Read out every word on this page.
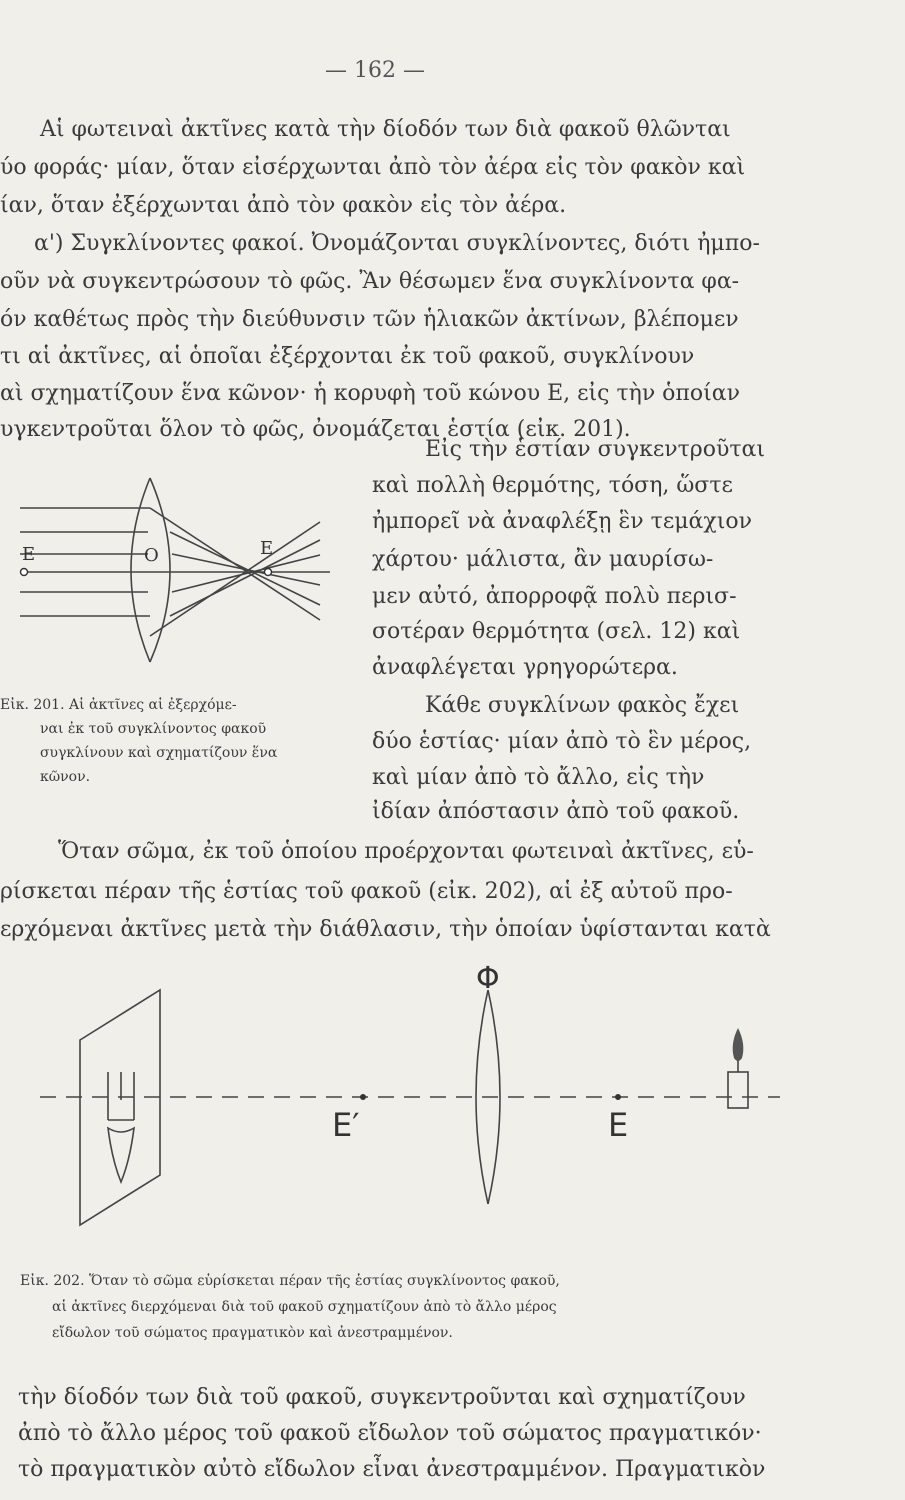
— 162 —
Αἱ φωτειναὶ ἀκτῖνες κατὰ τὴν δίοδόν των διὰ φακοῦ θλῶνται
ύο φοράς· μίαν, ὅταν εἰσέρχωνται ἀπὸ τὸν ἀέρα εἰς τὸν φακὸν καὶ
ίαν, ὅταν ἐξέρχωνται ἀπὸ τὸν φακὸν εἰς τὸν ἀέρα.
α') Συγκλίνοντες φακοί. Ὀνομάζονται συγκλίνοντες, διότι ἠμπο-
οῦν νὰ συγκεντρώσουν τὸ φῶς. Ἂν θέσωμεν ἕνα συγκλίνοντα φα-
όν καθέτως πρὸς τὴν διεύθυνσιν τῶν ἡλιακῶν ἀκτίνων, βλέπομεν
τι αἱ ἀκτῖνες, αἱ ὁποῖαι ἐξέρχονται ἐκ τοῦ φακοῦ, συγκλίνουν
αὶ σχηματίζουν ἕνα κῶνον· ἡ κορυφὴ τοῦ κώνου Ε, εἰς τὴν ὁποίαν
υγκεντροῦται ὅλον τὸ φῶς, ὀνομάζεται ἑστία (εἰκ. 201).
E	O	E
Εἰκ. 201. Αἱ ἀκτῖνες αἱ ἐξερχόμε-
ναι ἐκ τοῦ συγκλίνοντος φακοῦ
συγκλίνουν καὶ σχηματίζουν ἕνα
κῶνον.
Εἰς τὴν ἑστίαν συγκεντροῦται
καὶ πολλὴ θερμότης, τόση, ὥστε
ἠμπορεῖ νὰ ἀναφλέξῃ ἓν τεμάχιον
χάρτου· μάλιστα, ἂν μαυρίσω-
μεν αὐτό, ἀπορροφᾷ πολὺ περισ-
σοτέραν θερμότητα (σελ. 12) καὶ
ἀναφλέγεται γρηγορώτερα.
Κάθε συγκλίνων φακὸς ἔχει
δύο ἑστίας· μίαν ἀπὸ τὸ ἓν μέρος,
καὶ μίαν ἀπὸ τὸ ἄλλο, εἰς τὴν
ἰδίαν ἀπόστασιν ἀπὸ τοῦ φακοῦ.
Ὅταν σῶμα, ἐκ τοῦ ὁποίου προέρχονται φωτειναὶ ἀκτῖνες, εὑ-
ρίσκεται πέραν τῆς ἑστίας τοῦ φακοῦ (εἰκ. 202), αἱ ἐξ αὐτοῦ προ-
ερχόμεναι ἀκτῖνες μετὰ τὴν διάθλασιν, τὴν ὁποίαν ὑφίστανται κατὰ
Φ
E′	E
Εἰκ. 202. Ὅταν τὸ σῶμα εὑρίσκεται πέραν τῆς ἑστίας συγκλίνοντος φακοῦ,
αἱ ἀκτῖνες διερχόμεναι διὰ τοῦ φακοῦ σχηματίζουν ἀπὸ τὸ ἄλλο μέρος
εἴδωλον τοῦ σώματος πραγματικὸν καὶ ἀνεστραμμένον.
τὴν δίοδόν των διὰ τοῦ φακοῦ, συγκεντροῦνται καὶ σχηματίζουν
ἀπὸ τὸ ἄλλο μέρος τοῦ φακοῦ εἴδωλον τοῦ σώματος πραγματικόν·
τὸ πραγματικὸν αὐτὸ εἴδωλον εἶναι ἀνεστραμμένον. Πραγματικὸν
